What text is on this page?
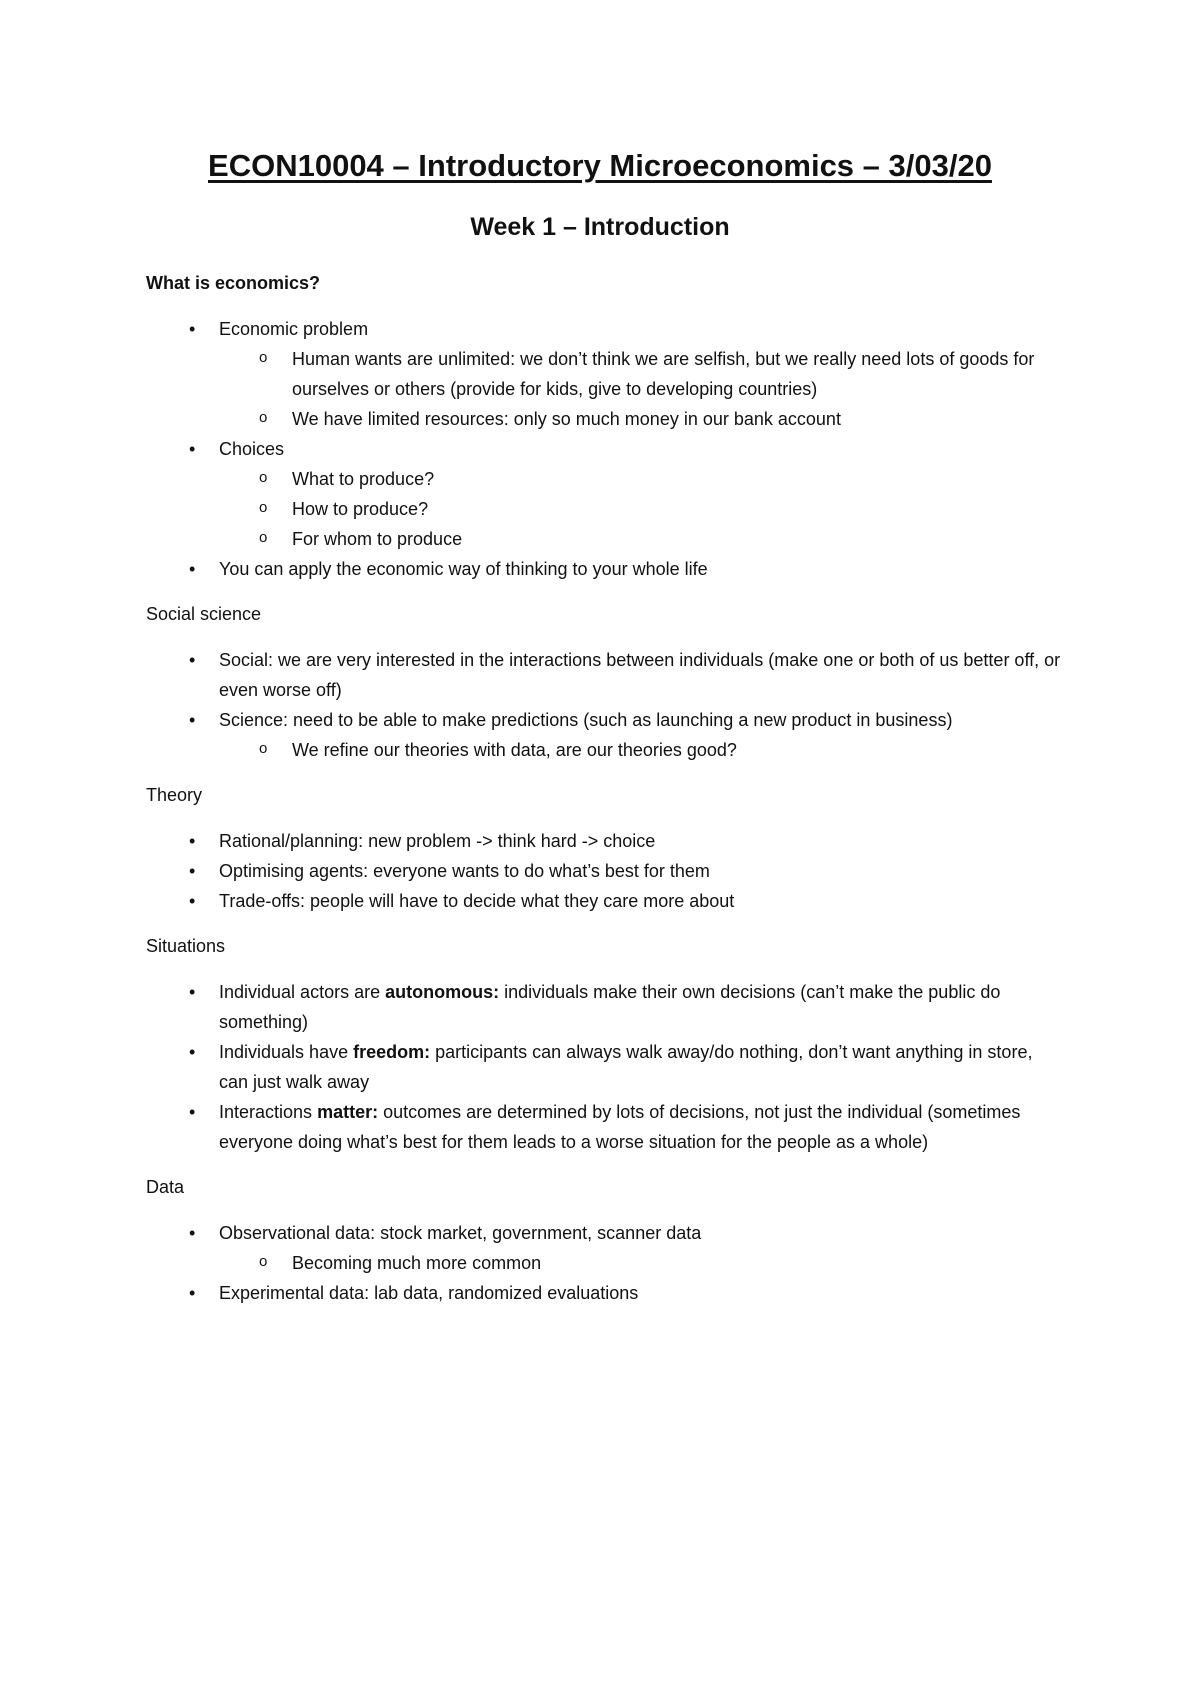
ECON10004 – Introductory Microeconomics – 3/03/20
Week 1 – Introduction
What is economics?
• Economic problem
o Human wants are unlimited: we don’t think we are selfish, but we really need lots of goods for ourselves or others (provide for kids, give to developing countries)
o We have limited resources: only so much money in our bank account
• Choices
o What to produce?
o How to produce?
o For whom to produce
• You can apply the economic way of thinking to your whole life
Social science
• Social: we are very interested in the interactions between individuals (make one or both of us better off, or even worse off)
• Science: need to be able to make predictions (such as launching a new product in business)
o We refine our theories with data, are our theories good?
Theory
• Rational/planning: new problem -> think hard -> choice
• Optimising agents: everyone wants to do what’s best for them
• Trade-offs: people will have to decide what they care more about
Situations
• Individual actors are autonomous: individuals make their own decisions (can’t make the public do something)
• Individuals have freedom: participants can always walk away/do nothing, don’t want anything in store, can just walk away
• Interactions matter: outcomes are determined by lots of decisions, not just the individual (sometimes everyone doing what’s best for them leads to a worse situation for the people as a whole)
Data
• Observational data: stock market, government, scanner data
o Becoming much more common
• Experimental data: lab data, randomized evaluations
